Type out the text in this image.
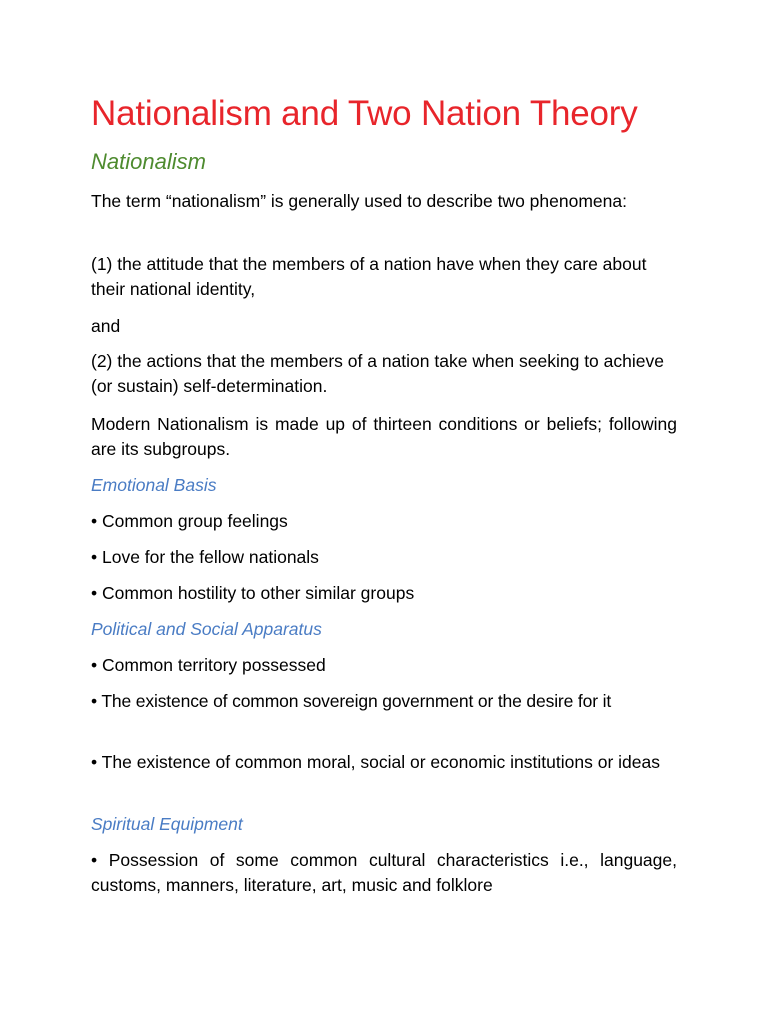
Nationalism and Two Nation Theory
Nationalism

The term “nationalism” is generally used to describe two phenomena:

(1) the attitude that the members of a nation have when they care about their national identity,

and

(2) the actions that the members of a nation take when seeking to achieve (or sustain) self-determination.

Modern Nationalism is made up of thirteen conditions or beliefs; following are its subgroups.

Emotional Basis

• Common group feelings

• Love for the fellow nationals

• Common hostility to other similar groups

Political and Social Apparatus

• Common territory possessed

• The existence of common sovereign government or the desire for it

• The existence of common moral, social or economic institutions or ideas

Spiritual Equipment

• Possession of some common cultural characteristics i.e., language,   customs, manners, literature, art, music and folklore
